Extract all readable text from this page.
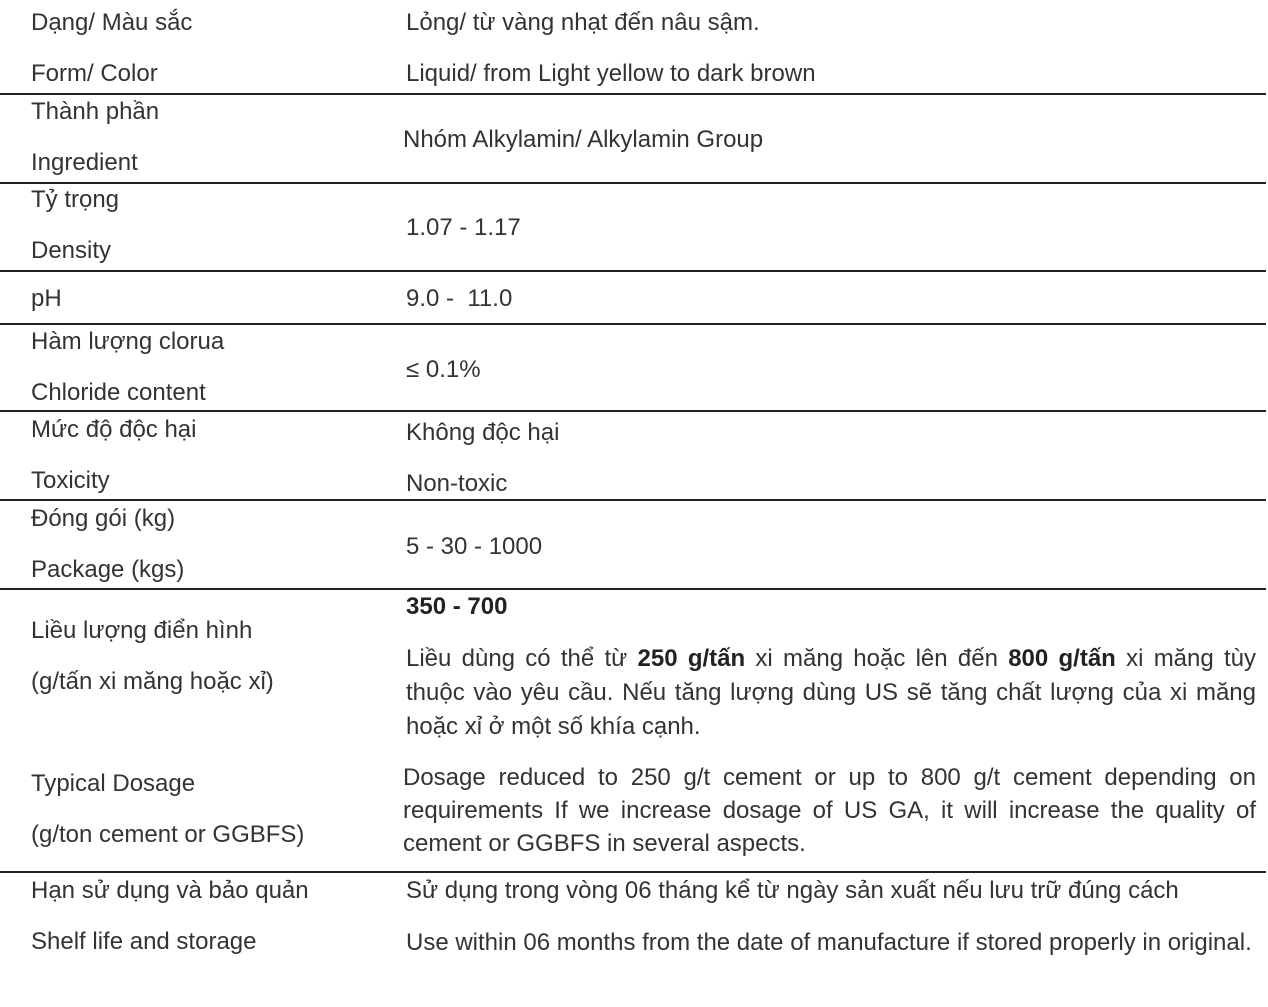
Dạng/ Màu sắc
Form/ Color
Lỏng/ từ vàng nhạt đến nâu sậm.
Liquid/ from Light yellow to dark brown
Thành phần
Ingredient
Nhóm Alkylamin/ Alkylamin Group
Tỷ trọng
Density
1.07 - 1.17
pH	9.0 -  11.0
Hàm lượng clorua
Chloride content
≤ 0.1%
Mức độ độc hại
Toxicity
Không độc hại
Non-toxic
Đóng gói (kg)
Package (kgs)
5 - 30 - 1000
Liều lượng điển hình
(g/tấn xi măng hoặc xỉ)
Typical Dosage
(g/ton cement or GGBFS)
350 - 700
Liều dùng có thể từ 250 g/tấn xi măng hoặc lên đến 800 g/tấn xi măng tùy thuộc vào yêu cầu. Nếu tăng lượng dùng US sẽ tăng chất lượng của xi măng hoặc xỉ ở một số khía cạnh.
Dosage reduced to 250 g/t cement or up to 800 g/t cement depending on requirements If we increase dosage of US GA, it will increase the quality of cement or GGBFS in several aspects.
Hạn sử dụng và bảo quản
Shelf life and storage
Sử dụng trong vòng 06 tháng kể từ ngày sản xuất nếu lưu trữ đúng cách
Use within 06 months from the date of manufacture if stored properly in original.
